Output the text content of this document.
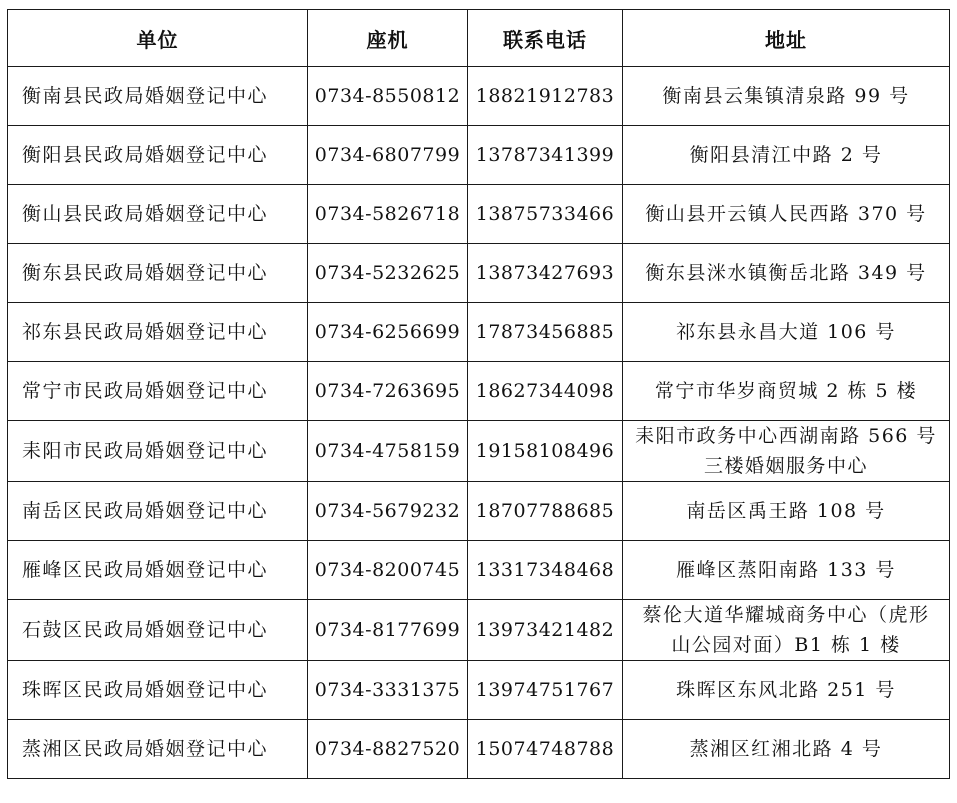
单位	座机	联系电话	地址
衡南县民政局婚姻登记中心	0734-8550812	18821912783	衡南县云集镇清泉路 99 号
衡阳县民政局婚姻登记中心	0734-6807799	13787341399	衡阳县清江中路 2 号
衡山县民政局婚姻登记中心	0734-5826718	13875733466	衡山县开云镇人民西路 370 号
衡东县民政局婚姻登记中心	0734-5232625	13873427693	衡东县洣水镇衡岳北路 349 号
祁东县民政局婚姻登记中心	0734-6256699	17873456885	祁东县永昌大道 106 号
常宁市民政局婚姻登记中心	0734-7263695	18627344098	常宁市华岁商贸城 2 栋 5 楼
耒阳市民政局婚姻登记中心	0734-4758159	19158108496	耒阳市政务中心西湖南路 566 号三楼婚姻服务中心
南岳区民政局婚姻登记中心	0734-5679232	18707788685	南岳区禹王路 108 号
雁峰区民政局婚姻登记中心	0734-8200745	13317348468	雁峰区蒸阳南路 133 号
石鼓区民政局婚姻登记中心	0734-8177699	13973421482	蔡伦大道华耀城商务中心（虎形山公园对面）B1 栋 1 楼
珠晖区民政局婚姻登记中心	0734-3331375	13974751767	珠晖区东风北路 251 号
蒸湘区民政局婚姻登记中心	0734-8827520	15074748788	蒸湘区红湘北路 4 号
